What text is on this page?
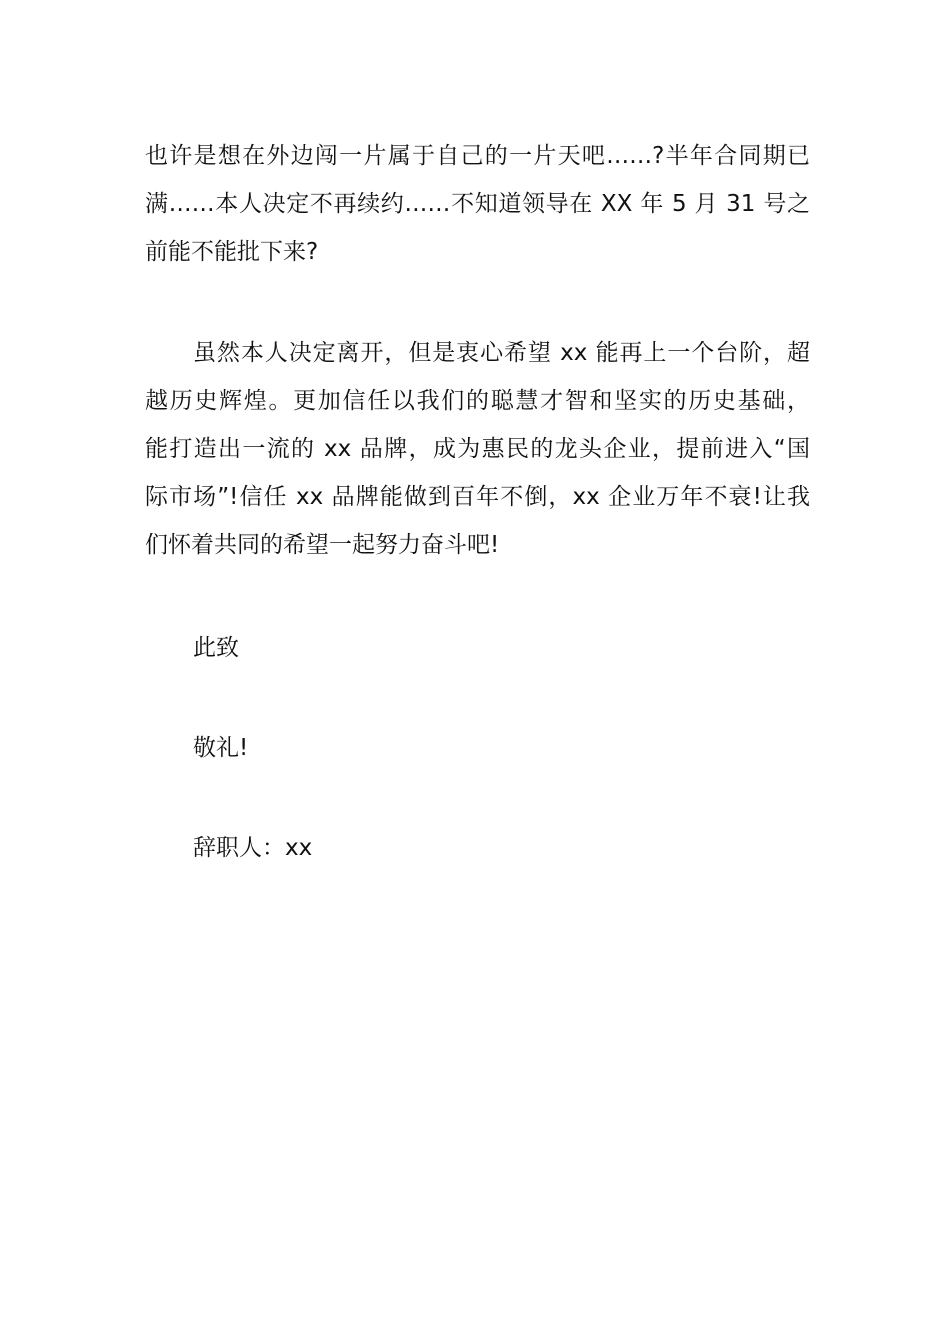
也许是想在外边闯一片属于自己的一片天吧……?半年合同期已
满……本人决定不再续约……不知道领导在 XX 年 5 月 31 号之
前能不能批下来?
虽然本人决定离开，但是衷心希望 xx 能再上一个台阶，超
越历史辉煌。更加信任以我们的聪慧才智和坚实的历史基础，
能打造出一流的 xx 品牌，成为惠民的龙头企业，提前进入“国
际市场”!信任 xx 品牌能做到百年不倒，xx 企业万年不衰!让我
们怀着共同的希望一起努力奋斗吧!
此致
敬礼!
辞职人：xx
